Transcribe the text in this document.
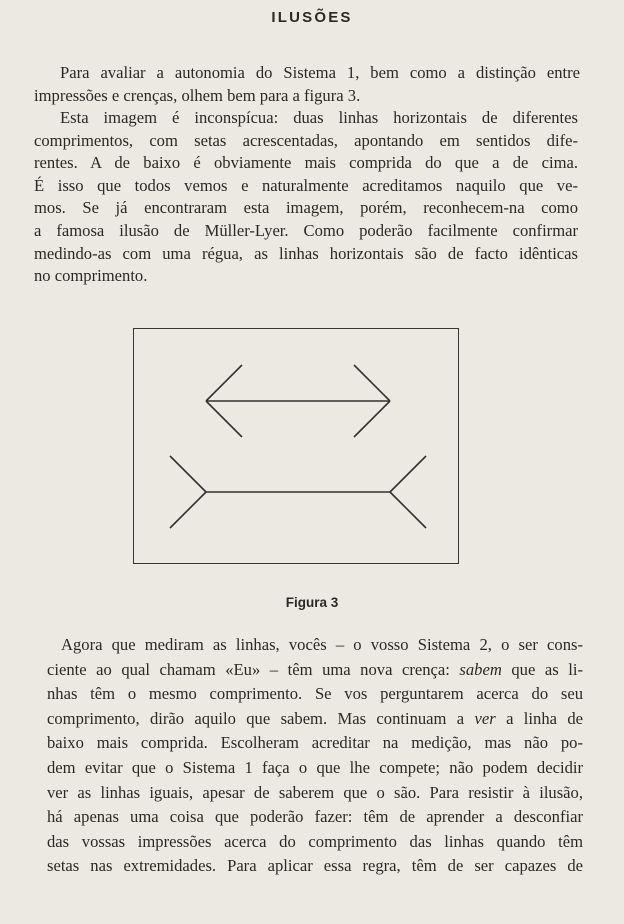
ILUSÕES
Para avaliar a autonomia do Sistema 1, bem como a distinção entre
impressões e crenças, olhem bem para a figura 3.
Esta imagem é inconspícua: duas linhas horizontais de diferentes
comprimentos, com setas acrescentadas, apontando em sentidos dife-
rentes. A de baixo é obviamente mais comprida do que a de cima.
É isso que todos vemos e naturalmente acreditamos naquilo que ve-
mos. Se já encontraram esta imagem, porém, reconhecem-na como
a famosa ilusão de Müller-Lyer. Como poderão facilmente confirmar
medindo-as com uma régua, as linhas horizontais são de facto idênticas
no comprimento.
Figura 3
Agora que mediram as linhas, vocês – o vosso Sistema 2, o ser cons-
ciente ao qual chamam «Eu» – têm uma nova crença: sabem que as li-
nhas têm o mesmo comprimento. Se vos perguntarem acerca do seu
comprimento, dirão aquilo que sabem. Mas continuam a ver a linha de
baixo mais comprida. Escolheram acreditar na medição, mas não po-
dem evitar que o Sistema 1 faça o que lhe compete; não podem decidir
ver as linhas iguais, apesar de saberem que o são. Para resistir à ilusão,
há apenas uma coisa que poderão fazer: têm de aprender a desconfiar
das vossas impressões acerca do comprimento das linhas quando têm
setas nas extremidades. Para aplicar essa regra, têm de ser capazes de
